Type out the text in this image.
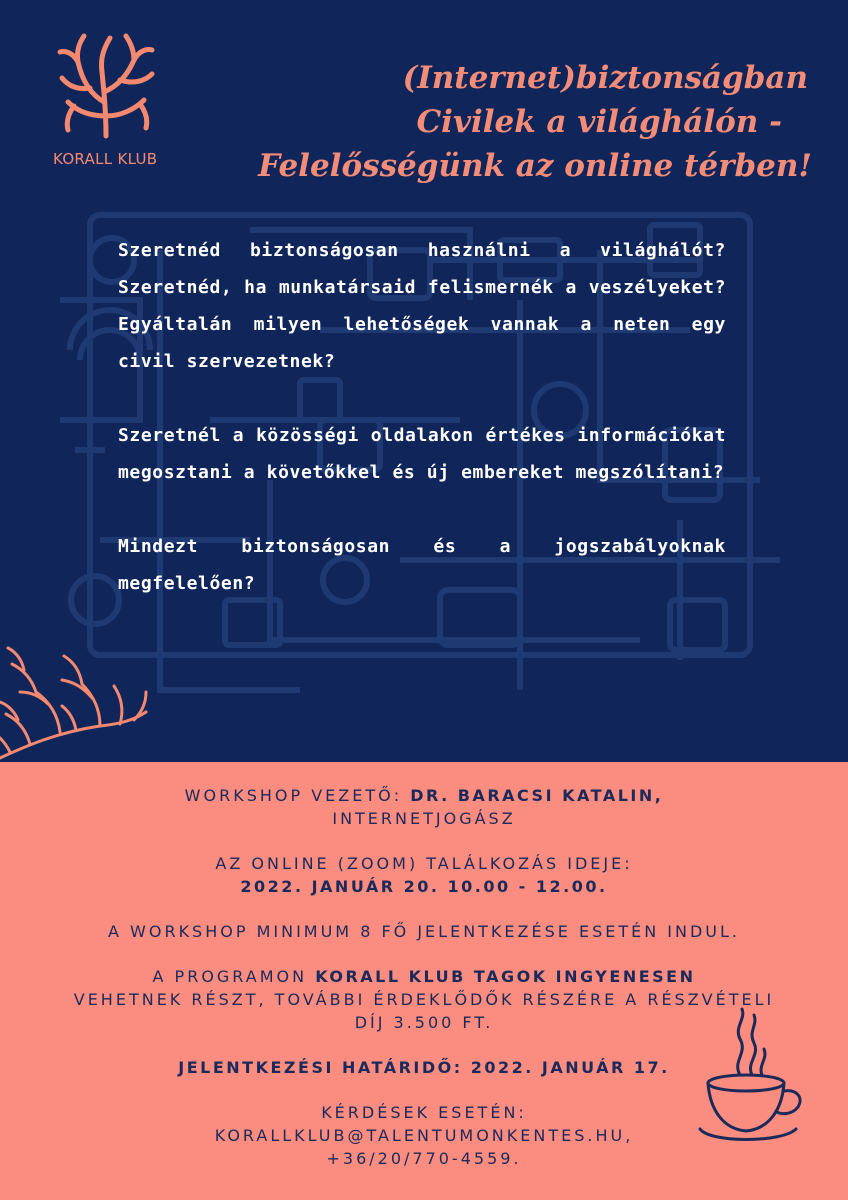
KORALL KLUB
(Internet)biztonságban
Civilek a világhálón -
Felelősségünk az online térben!

Szeretnéd biztonságosan használni a világhálót? Szeretnéd, ha munkatársaid felismernék a veszélyeket? Egyáltalán milyen lehetőségek vannak a neten egy civil szervezetnek?

Szeretnél a közösségi oldalakon értékes információkat megosztani a követőkkel és új embereket megszólítani?

Mindezt biztonságosan és a jogszabályoknak megfelelően?

WORKSHOP VEZETŐ: DR. BARACSI KATALIN,
INTERNETJOGÁSZ

AZ ONLINE (ZOOM) TALÁLKOZÁS IDEJE:
2022. JANUÁR 20. 10.00 - 12.00.

A WORKSHOP MINIMUM 8 FŐ JELENTKEZÉSE ESETÉN INDUL.

A PROGRAMON KORALL KLUB TAGOK INGYENESEN
VEHETNEK RÉSZT, TOVÁBBI ÉRDEKLŐDŐK RÉSZÉRE A RÉSZVÉTELI DÍJ 3.500 FT.

JELENTKEZÉSI HATÁRIDŐ: 2022. JANUÁR 17.

KÉRDÉSEK ESETÉN:
KORALLKLUB@TALENTUMONKENTES.HU,
+36/20/770-4559.
